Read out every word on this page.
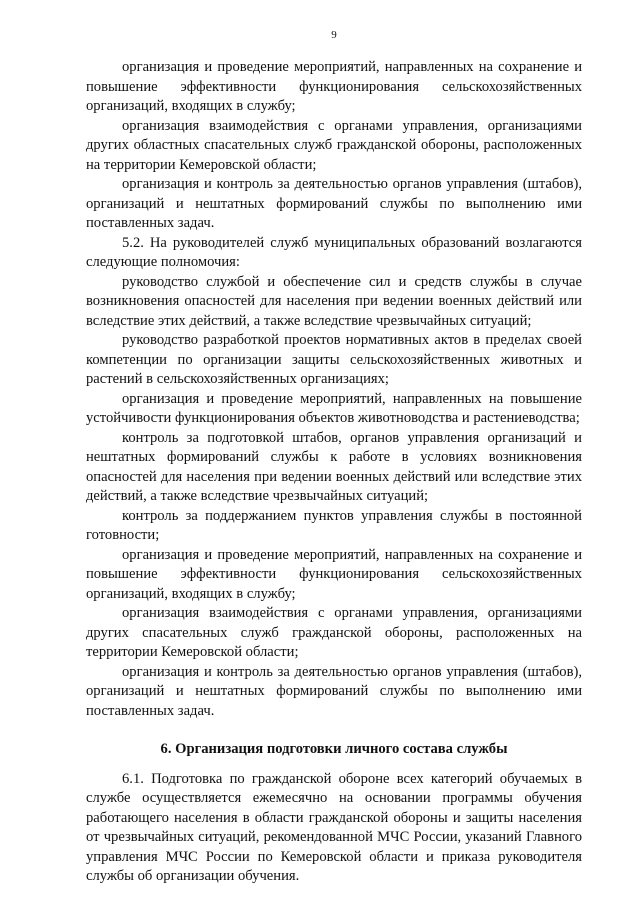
9

организация и проведение мероприятий, направленных на сохранение и повышение эффективности функционирования сельскохозяйственных организаций, входящих в службу;

организация взаимодействия с органами управления, организациями других областных спасательных служб гражданской обороны, расположенных на территории Кемеровской области;

организация и контроль за деятельностью органов управления (штабов), организаций и нештатных формирований службы по выполнению ими поставленных задач.

5.2. На руководителей служб муниципальных образований возлагаются следующие полномочия:

руководство службой и обеспечение сил и средств службы в случае возникновения опасностей для населения при ведении военных действий или вследствие этих действий, а также вследствие чрезвычайных ситуаций;

руководство разработкой проектов нормативных актов в пределах своей компетенции по организации защиты сельскохозяйственных животных и растений в сельскохозяйственных организациях;

организация и проведение мероприятий, направленных на повышение устойчивости функционирования объектов животноводства и растениеводства;

контроль за подготовкой штабов, органов управления организаций и нештатных формирований службы к работе в условиях возникновения опасностей для населения при ведении военных действий или вследствие этих действий, а также вследствие чрезвычайных ситуаций;

контроль за поддержанием пунктов управления службы в постоянной готовности;

организация и проведение мероприятий, направленных на сохранение и повышение эффективности функционирования сельскохозяйственных организаций, входящих в службу;

организация взаимодействия с органами управления, организациями других спасательных служб гражданской обороны, расположенных на территории Кемеровской области;

организация и контроль за деятельностью органов управления (штабов), организаций и нештатных формирований службы по выполнению ими поставленных задач.

6. Организация подготовки личного состава службы

6.1. Подготовка по гражданской обороне всех категорий обучаемых в службе осуществляется ежемесячно на основании программы обучения работающего населения в области гражданской обороны и защиты населения от чрезвычайных ситуаций, рекомендованной МЧС России, указаний Главного управления МЧС России по Кемеровской области и приказа руководителя службы об организации обучения.
